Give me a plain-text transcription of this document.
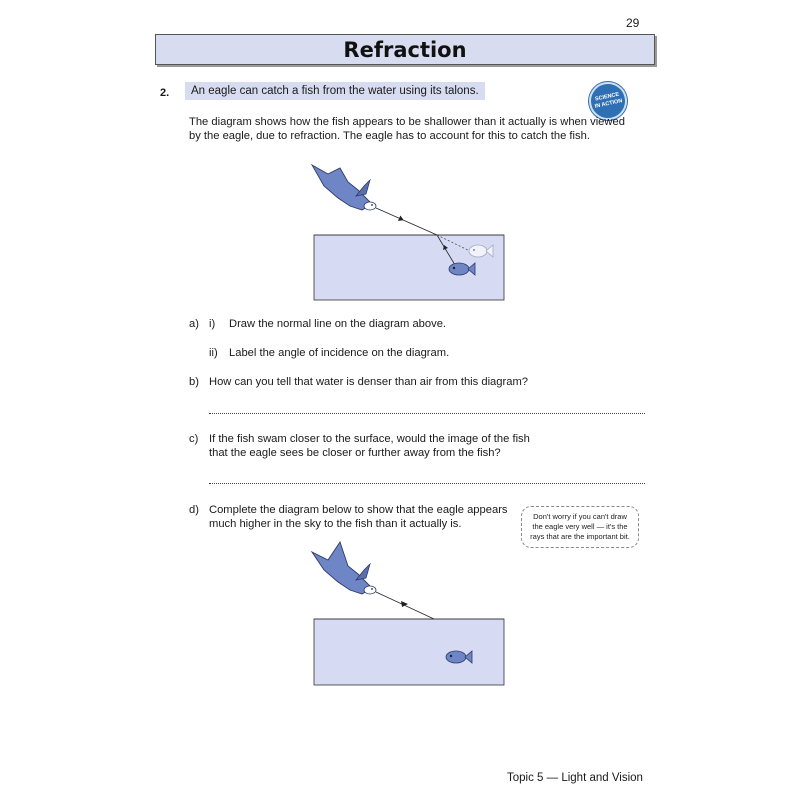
29
Refraction
2.	An eagle can catch a fish from the water using its talons.
SCIENCE
IN ACTION
The diagram shows how the fish appears to be shallower than it actually is when viewed by the eagle, due to refraction. The eagle has to account for this to catch the fish.
a) i) Draw the normal line on the diagram above.
ii) Label the angle of incidence on the diagram.
b) How can you tell that water is denser than air from this diagram?
c) If the fish swam closer to the surface, would the image of the fish
that the eagle sees be closer or further away from the fish?
d) Complete the diagram below to show that the eagle appears
much higher in the sky to the fish than it actually is.
Don't worry if you can't draw the eagle very well — it's the rays that are the important bit.
Topic 5 — Light and Vision
